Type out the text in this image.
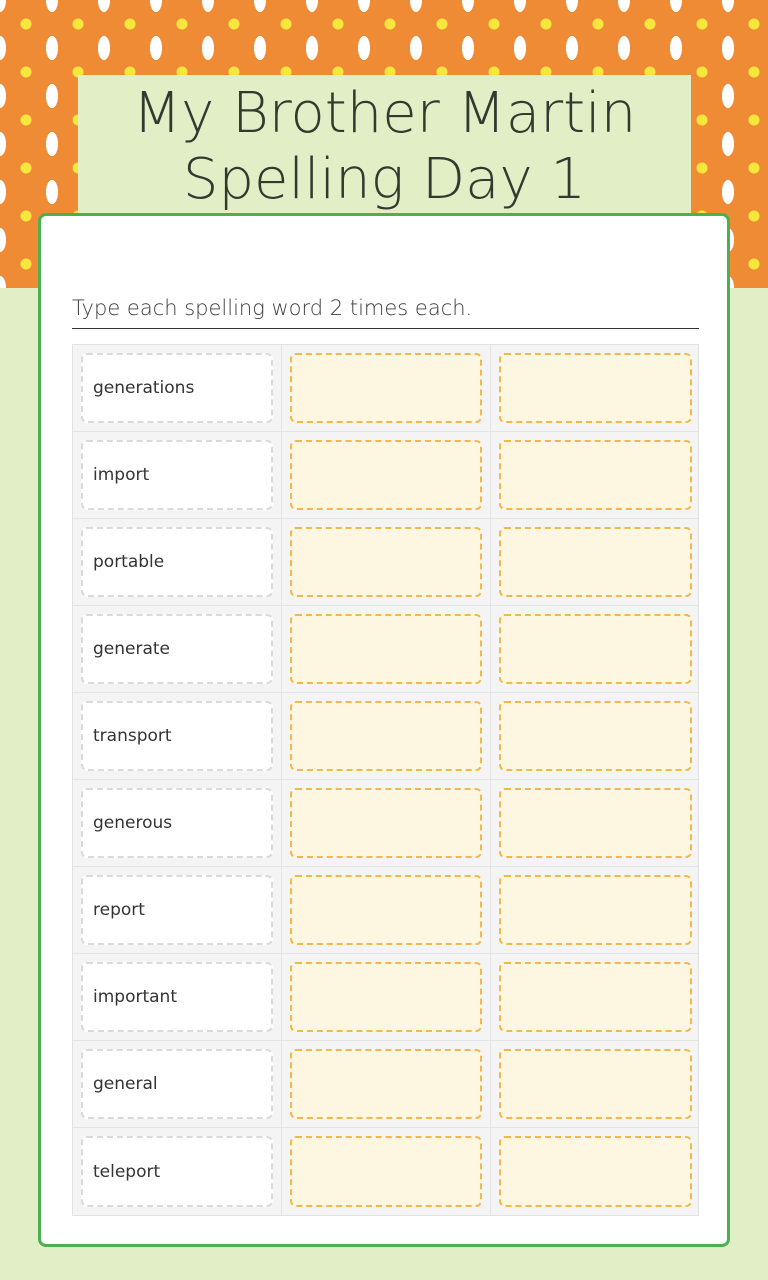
My Brother Martin
Spelling Day 1
Type each spelling word 2 times each.
generations
import
portable
generate
transport
generous
report
important
general
teleport
